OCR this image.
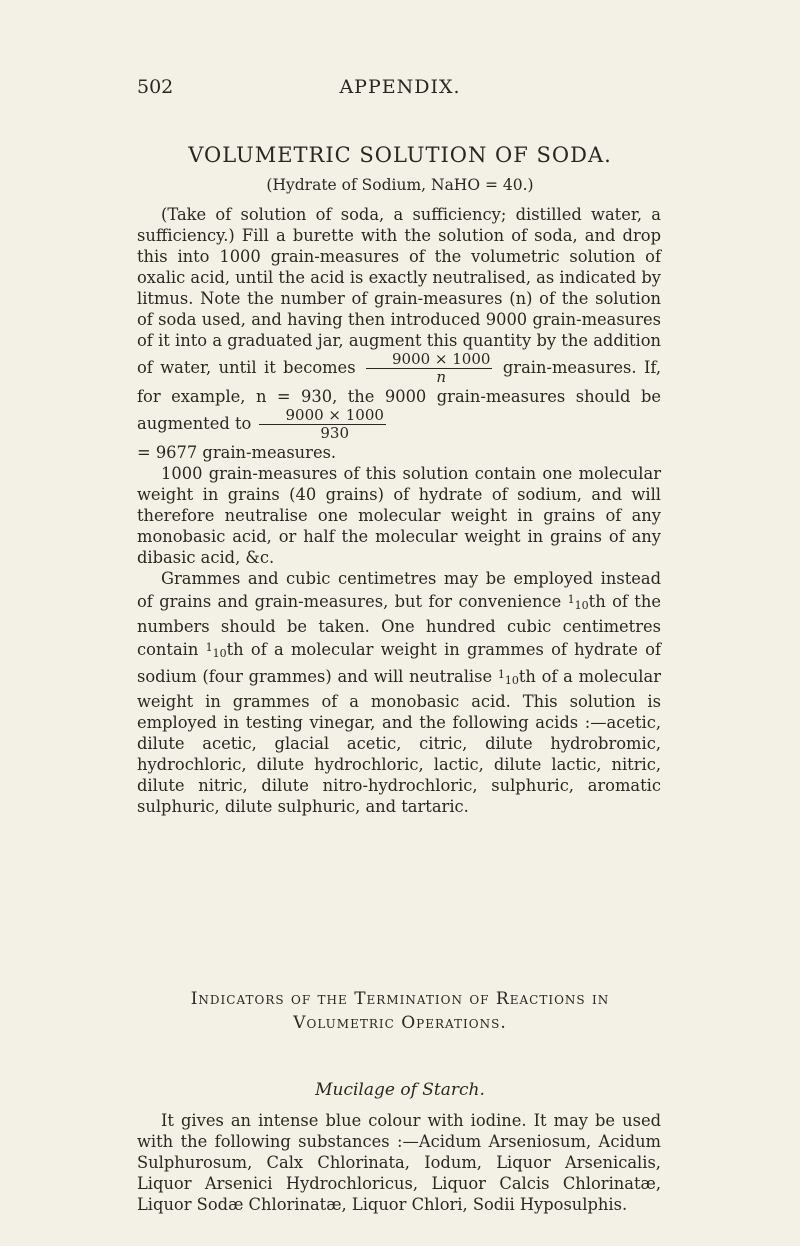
502	APPENDIX.
VOLUMETRIC SOLUTION OF SODA.
(Hydrate of Sodium, NaHO = 40.)

(Take of solution of soda, a sufficiency; distilled water, a sufficiency.) Fill a burette with the solution of soda, and drop this into 1000 grain-measures of the volumetric solution of oxalic acid, until the acid is exactly neutralised, as indicated by litmus. Note the number of grain-measures (n) of the solution of soda used, and having then introduced 9000 grain-measures of it into a graduated jar, augment this quantity by the addition of water, until it becomes $\frac{9000 \times 1000}{n}$ grain-measures. If, for example, n = 930, the 9000 grain-measures should be augmented to $\frac{9000 \times 1000}{930}$

= 9677 grain-measures.

1000 grain-measures of this solution contain one molecular weight in grains (40 grains) of hydrate of sodium, and will therefore neutralise one molecular weight in grains of any monobasic acid, or half the molecular weight in grains of any dibasic acid, &c.

Grammes and cubic centimetres may be employed instead of grains and grain-measures, but for convenience $^{110}$th of the numbers should be taken. One hundred cubic centimetres contain $^{110}$th of a molecular weight in grammes of hydrate of sodium (four grammes) and will neutralise $^{110}$th of a molecular weight in grammes of a monobasic acid. This solution is employed in testing vinegar, and the following acids :—acetic, dilute acetic, glacial acetic, citric, dilute hydrobromic, hydrochloric, dilute hydrochloric, lactic, dilute lactic, nitric, dilute nitric, dilute nitro-hydrochloric, sulphuric, aromatic sulphuric, dilute sulphuric, and tartaric.

Indicators of the Termination of Reactions in
Volumetric Operations.
Mucilage of Starch.

It gives an intense blue colour with iodine. It may be used with the following substances :—Acidum Arseniosum, Acidum Sulphurosum, Calx Chlorinata, Iodum, Liquor Arsenicalis, Liquor Arsenici Hydrochloricus, Liquor Calcis Chlorinatæ, Liquor Sodæ Chlorinatæ, Liquor Chlori, Sodii Hyposulphis.
